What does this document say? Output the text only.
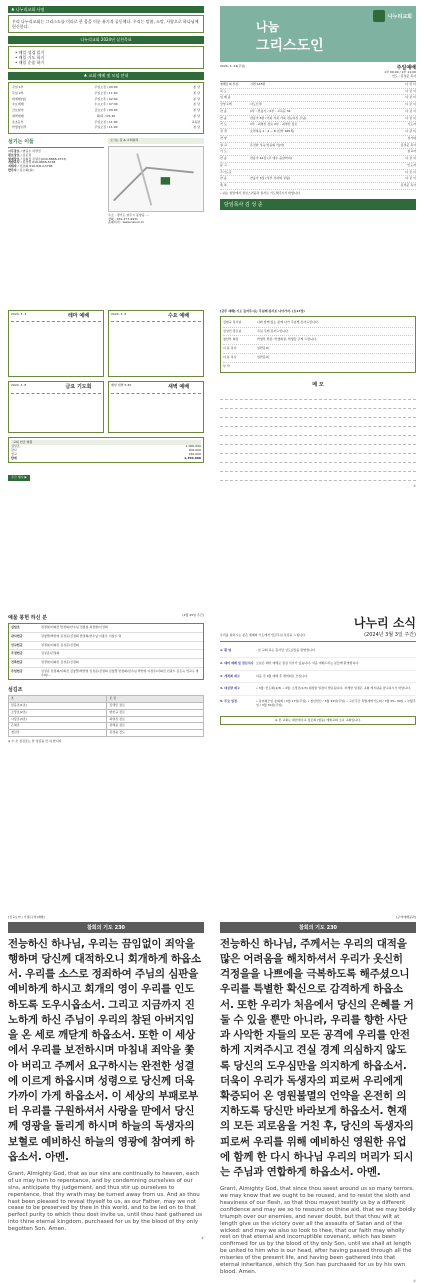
♣ 나누리교회 사명
우리 나누리교회는 그리스도를 머리로 한 몸을 이룬 유기적 공동체다. 우리는 말씀, 소망, 사랑으로 하나님께 헌신한다.
나누리교회 2024년 실천목표
• 매일 성경 읽기
• 매일 기도 하기
• 매일 순종 하기
♣ 교회 예배 및 모임 안내
주일 1부	주일오전 / 09:00	본 당
주일 2부	주일오전 / 11:00	본 당
대예배(청)	주일오후 / 02:00	본 당
수요예배	수요오후 / 07:30	본 당
금요철야	금요오후 / 09:00	본 당
새벽예배	화/목 / 05:30	본 당
유초등부	주일오전 / 11:00	교육관
학생청년부	주일오전 / 11:00	본 당
섬기는 이들
시무장로 / 변길수 차상민
원로장로 / 김준권
명예장로 / 김희진 진필수(010-8868-2373)
개발목사 / 김경열 010-9848-5728
지휘자 / 전초희 010-8414-3798
반주자 / 김소희(솔)
오시는 길 & 교회위치
주소 : 경기도 양주시 봉양읍 ...
전화 : 031-277-9931
홈페이지 : www.nanuri.kr
나누리교회
나눔
그리스도인
2024. 3. 24(주일)	주일예배
1부 09:00 / 2부 11:00
인도 : 김성준 목사
예배로의 부름	시편 145편	다 같 이
목 도	다 같 이
입 례 송	다 같 이
신앙고백	사도신경	다 같 이
찬 송	1부 : 찬송가 / 2부 : 교독문 34	다 같 이
찬 송	찬송가 8장 (거룩 거룩 거룩 전능하신 주님)	다 같 이
기 도	1부 : 최명진 장로 2부 : 최명진 장로	기도자
성 경	요한복음 1 : 4 ~ 8 (신약 165쪽)	다 같 이
찬 양	성가대
설 교	온전한 성숙 받음의 식(마)	김성준 목사
기 도	설교자
찬 송	찬송가 44장 (주 예수 음날까지)	다 같 이
봉 고	인도자
주기도문	다 같 이
찬 송	찬송가 3장 (성부 성자와 성령)	다 같 이
축 복	김성준 목사
• 위는 일반에서 정성스러움과 질서로 기도해주시기 바랍니다.
담임목사 김 성 준
2024. 3. 3	테마 예배	2024. 3. 6	수요 예배
2024. 3. 8	금요 기도회	매일 새벽 5:30	새벽 예배
교회 헌금 현황
십일조	1,000,000
감사	200,000
선교	150,000
합계	1,350,000
주간 행사 ▶
[금주 예배] 기도 들어주시는 주님께 감사로 나아가자. (요17장)
김현숙 목사님	나와 함께 있는 분께 나가 주님께 감사드립니다.
김성인 장로님	주님 주께 감사드립니다.
청년부 회장	학생부 학장, 학생회장, 학생들 주께 드립니다.
이 분 목사	일반문의
이 분 목사	일반문의
부 탁
메 모
①
예물 봉헌 하신 분	(2월 25일 주간)
십일조	권경철/이희진 반정희/한수님 전종섭 최정현/이성희
감사헌금	김창열/박한영 김성준/진정희 반정희/한수님 이종우 이창수 명
선교헌금	권경철/이희진 김성준/진정희
주정헌금	김성준/진정희
건축헌금	권경철/이희진 김성준/진정희
주일헌금	김성준 전정희/이희진 김창열/박한영 김성준/진정희 김창열 반정희/한수님 박한영 이정우/이희진 진필수 김은숙 선교구 명수회/...
섬김조
조	조 장
믿음조(1조)	김택민 장로
소망조(2조)	변한규 장로
사랑조(3조)	최명진 장로
은혜조	권해웅 장로
청년조	김정윤 전도
※ 수 조 섬김조는 한 섬김을 만 하 합니다.
우리를 위하시는 분은 예배와 기도에서 헌금주님 섬김을 느낍니다.
나누리 소식
(2024년 3월 3일 주간)
1. 환 영	: 본 교회 하는 홈사랑 성도님들을 환영합니다.
2. 테마 예배 및 점심식사 오늘은 테마 예배로 점심 식사가 있습니다. 처음 예배드리는 분들께 환영합니다.
3. 개척회 예고	다음 주 3월 예배 후 개척회로 모입니다.
4. 대심방 예고	• 3월: 인도회(1/3) • 4월: 소망조(1/3) 대심방 일정이 발표됩니다. 자세한 일정은 교회 게시판을 참고하시기 바랍니다.
5. 주요 일정	• 남녀회모임 총회예 / 3월 17일(주일) • 청년헌신 / 3월 24일(주일) • 고난주간 특별새벽기도회 / 3월 25~30일 • 부활주일 / 3월 31일(주일)
※ 본 교회는 대한예수교 장로회 (합동) 개혁교회 소속 교회입니다.
[성교요약 / 가정(구역)예배]
참회의 기도 230
전능하신 하나님, 우리는 끔임없이 죄악을 행하며 당신께 대적하오니 회개하게 하옵소서. 우리를 소스로 정죄하여 주님의 심판을 예비하게 하시고 회개의 영이 우리를 인도하도록 도우시옵소서. 그리고 지금까지 진노하게 하신 주님이 우리의 참된 아버지임을 온 세로 깨닫게 하옵소서. 또한 이 세상에서 우리를 보전하시며 마침내 죄악을 쫓아 버리고 주께서 요구하시는 완전한 성결에 이르게 하옵시며 성령으로 당신께 더욱 가까이 가게 하옵소서. 이 세상의 부패로부터 우리를 구원하셔서 사랑을 맏에서 당신께 영광을 돌리게 하시며 하늘의 독생자의 보혈로 예비하신 하늘의 영광에 참여케 하옵소서. 아멘.
Grant, Almighty God, that as our sins are continually to heaven, each of us may turn to repentance, and by condemning ourselves of our sins, anticipate thy judgement, and thus stir up ourselves to repentance, that thy wrath may be turned away from us. And as thou hast been pleased to reveal thyself to us, as our Father, may we not cease to be preserved by thee in this world, and to be led on to that perfect purity to which thou dost invite us, until thou hast gathered us into thine eternal kingdom, purchased for us by the blood of thy only begotten Son. Amen.
④
[구역예배공과]
참회의 기도 230
전능하신 하나님, 주께서는 우리의 대적을 많은 어려움을 해치하셔서 우리가 옷신히 걱정을을 나쁘에을 극복하도록 해주셨으니 우리를 특별한 확신으로 감격하게 하옵소서. 또한 우리가 처음에서 당신의 은혜를 거둘 수 있을 뿐만 아니라, 우리를 향한 사단과 사악한 자들의 모든 공격에 우리를 안전하게 지켜주시고 견실 경계 의심하지 않도록 당신의 도우심만을 의지하게 하옵소서. 더욱이 우리가 독생자의 피로써 우리에게 확증되어 온 영원불멸의 언약을 온전히 의지하도록 당신만 바라보게 하옵소서. 현재의 모든 괴로움을 거친 후, 당신의 독생자의 피로써 우리를 위해 예비하신 영원한 유업에 함께 한 다시 하나님 우리의 머리가 되시는 주님과 연합하게 하옵소서. 아멘.
Grant, Almighty God, that since thou seest around us so many terrors, we may know that we ought to be roused, and to resist the sloth and heaviness of our flesh, so that thou mayest testify us by a different confidence and may we so to resound on thine aid, that we may boldly triumph over our enemies, and never doubt, but that thou wilt at length give us the victory over all the assaults of Satan and of the wicked: and may we also so look to thee, that our faith may wholly rest on that eternal and incorruptible covenant, which has been confirmed for us by the blood of thy only Son, until we shall at length be united to him who is our head, after having passed through all the miseries of the present life, and having been gathered into that eternal inheritance, which thy Son has purchased for us by his own blood. Amen.
①
